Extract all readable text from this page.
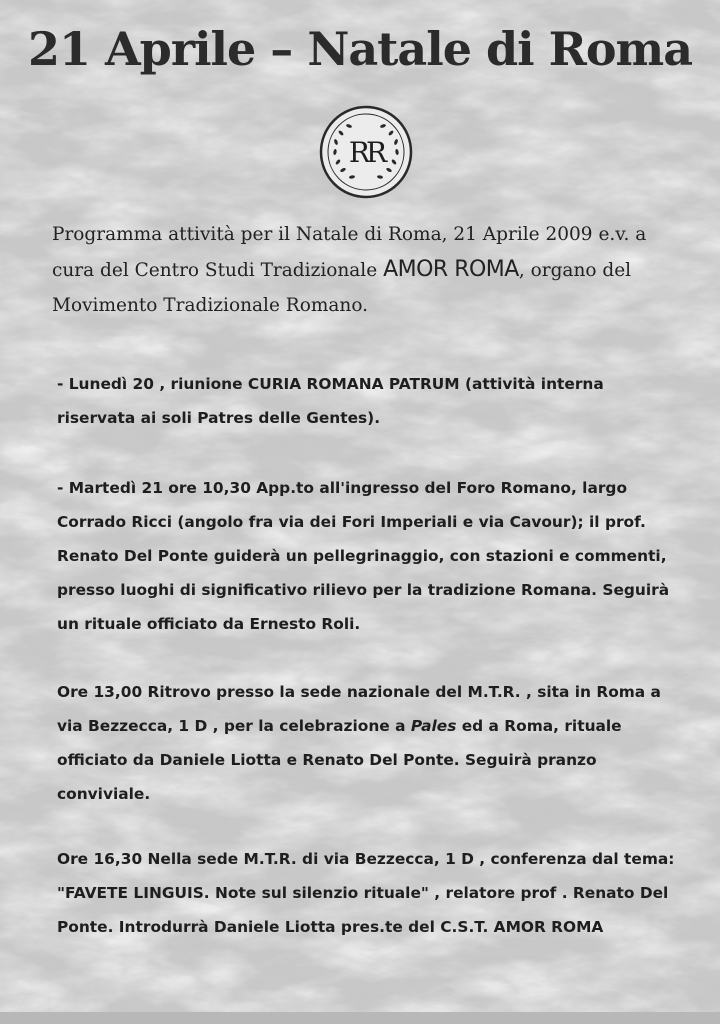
21 Aprile – Natale di Roma
RR

Programma attività per il Natale di Roma, 21 Aprile 2009 e.v. a cura del Centro Studi Tradizionale AMOR ROMA, organo del Movimento Tradizionale Romano.

- Lunedì 20 , riunione CURIA ROMANA PATRUM (attività interna riservata ai soli Patres delle Gentes).

- Martedì 21 ore 10,30 App.to all'ingresso del Foro Romano, largo Corrado Ricci (angolo fra via dei Fori Imperiali e via Cavour); il prof. Renato Del Ponte guiderà un pellegrinaggio, con stazioni e commenti, presso luoghi di significativo rilievo per la tradizione Romana. Seguirà un rituale officiato da Ernesto Roli.

Ore 13,00 Ritrovo presso la sede nazionale del M.T.R. , sita in Roma a via Bezzecca, 1 D , per la celebrazione a Pales ed a Roma, rituale officiato da Daniele Liotta e Renato Del Ponte. Seguirà pranzo conviviale.

Ore 16,30 Nella sede M.T.R. di via Bezzecca, 1 D , conferenza dal tema: "FAVETE LINGUIS. Note sul silenzio rituale" , relatore prof . Renato Del Ponte. Introdurrà Daniele Liotta pres.te del C.S.T. AMOR ROMA
